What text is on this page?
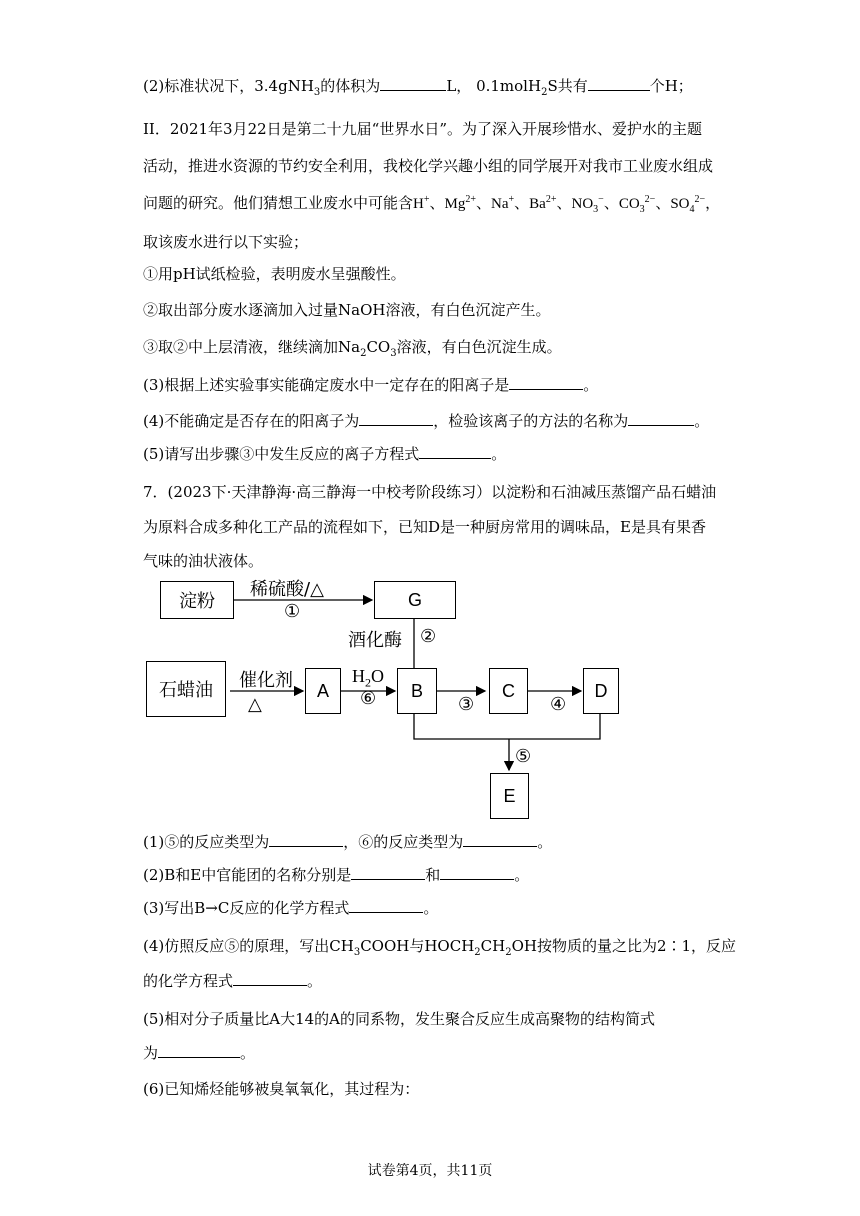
(2)标准状况下，3.4gNH$_3$的体积为	L， 0.1molH$_2$S共有	个H；
II．2021年3月22日是第二十九届“世界水日”。为了深入开展珍惜水、爱护水的主题
活动，推进水资源的节约安全利用，我校化学兴趣小组的同学展开对我市工业废水组成
问题的研究。他们猜想工业废水中可能含H+、$Mg^{2+}$、Na+、$Ba^{2+}$、$NO_3^-$、$CO_3^{2-}$、$SO_4^{2-}$，
取该废水进行以下实验；
①用pH试纸检验，表明废水呈强酸性。
②取出部分废水逐滴加入过量NaOH溶液，有白色沉淀产生。
③取②中上层清液，继续滴加$Na_2CO_3$溶液，有白色沉淀生成。
(3)根据上述实验事实能确定废水中一定存在的阳离子是	。
(4)不能确定是否存在的阳离子为	，检验该离子的方法的名称为	。
(5)请写出步骤③中发生反应的离子方程式	。
7．(2023下·天津静海·高三静海一中校考阶段练习）以淀粉和石油减压蒸馏产品石蜡油
为原料合成多种化工产品的流程如下，已知D是一种厨房常用的调味品，E是具有果香
气味的油状液体。
淀粉
稀硫酸/△
①
G
酒化酶 ②
石蜡油	催化剂
△
A
$H_2O$
⑥	B
③
C
④
D
⑤
E
(1)⑤的反应类型为	，⑥的反应类型为	。
(2)B和E中官能团的名称分别是	和	。
(3)写出B→C反应的化学方程式	。
(4)仿照反应⑤的原理，写出$CH_3COOH$与$HOCH_2CH_2OH$按物质的量之比为2∶1，反应
的化学方程式	。
(5)相对分子质量比A大14的A的同系物，发生聚合反应生成高聚物的结构简式
为	。
(6)已知烯烃能够被臭氧氧化，其过程为：
试卷第4页，共11页
